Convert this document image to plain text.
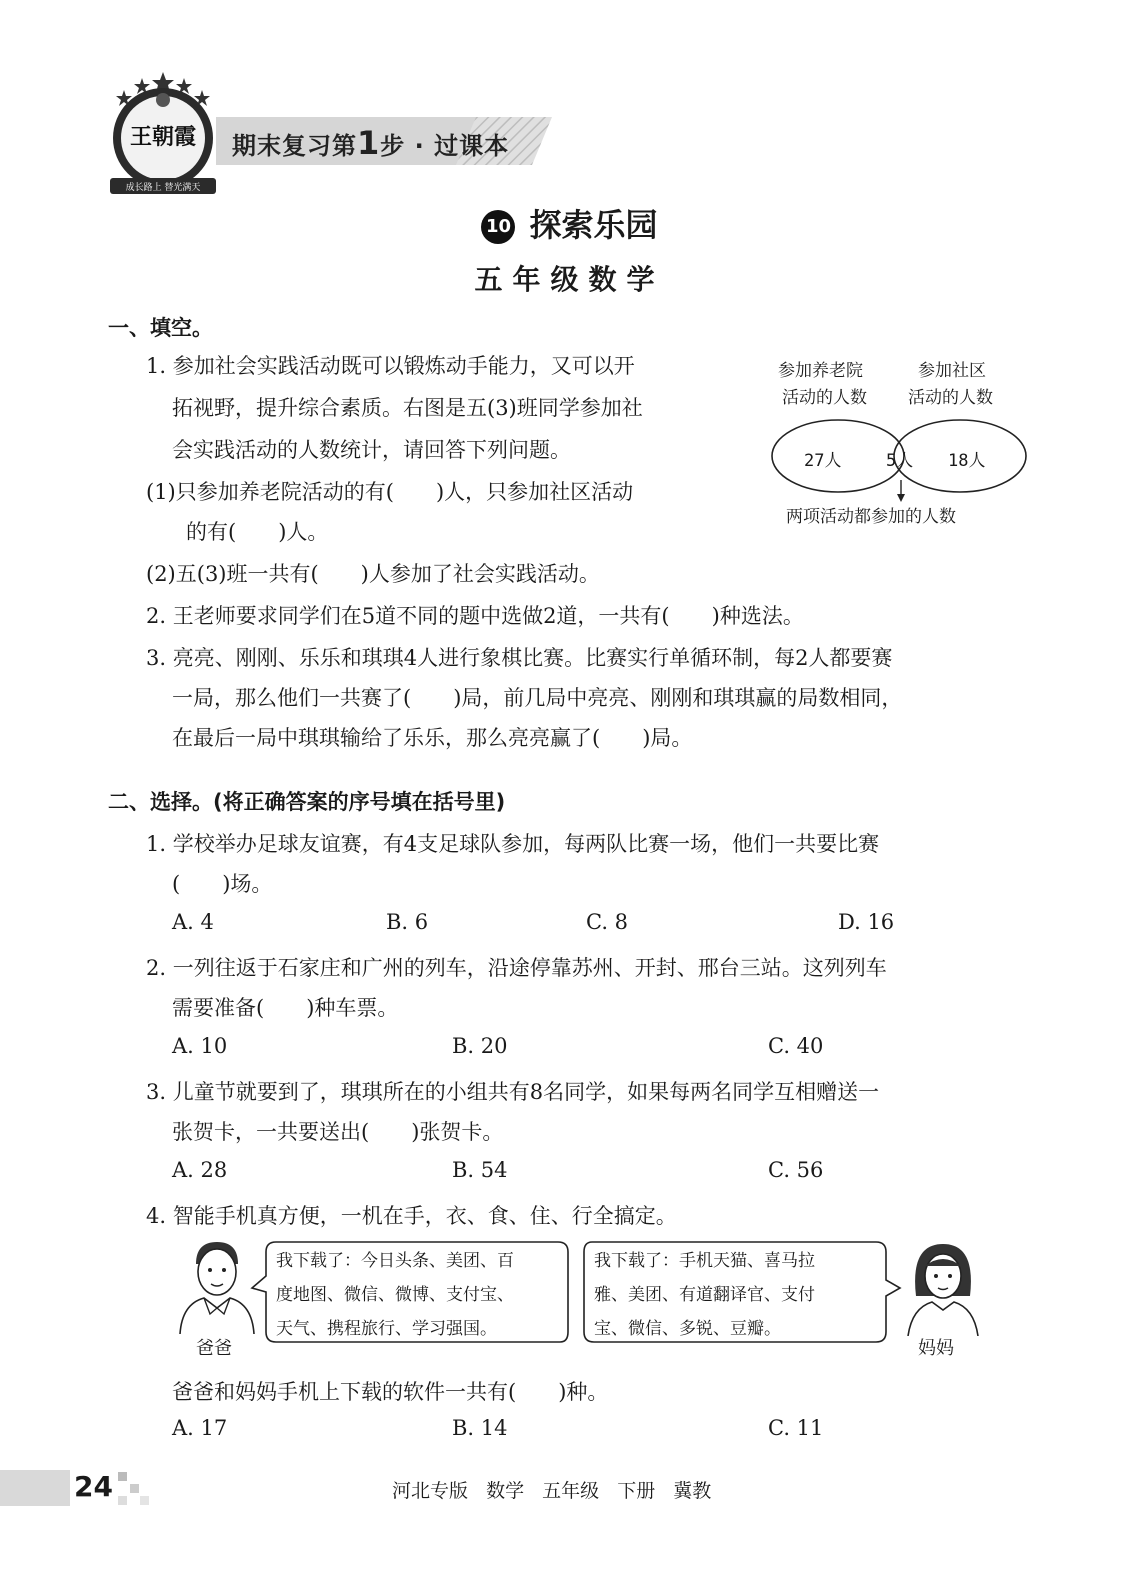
王朝霞
成长路上 替光满天
期末复习第1步 · 过课本
10 探索乐园
五年级数学
一、填空。
1. 参加社会实践活动既可以锻炼动手能力，又可以开
拓视野，提升综合素质。右图是五(3)班同学参加社
会实践活动的人数统计，请回答下列问题。
(1)只参加养老院活动的有(　　)人，只参加社区活动
的有(　　)人。
(2)五(3)班一共有(　　)人参加了社会实践活动。
参加养老院
活动的人数
参加社区
活动的人数
27人	5人 18人
两项活动都参加的人数
2. 王老师要求同学们在5道不同的题中选做2道，一共有(　　)种选法。
3. 亮亮、刚刚、乐乐和琪琪4人进行象棋比赛。比赛实行单循环制，每2人都要赛
一局，那么他们一共赛了(　　)局，前几局中亮亮、刚刚和琪琪赢的局数相同，
在最后一局中琪琪输给了乐乐，那么亮亮赢了(　　)局。
二、选择。(将正确答案的序号填在括号里)
1. 学校举办足球友谊赛，有4支足球队参加，每两队比赛一场，他们一共要比赛
(　　)场。
A. 4	B. 6	C. 8	D. 16
2. 一列往返于石家庄和广州的列车，沿途停靠苏州、开封、邢台三站。这列列车
需要准备(　　)种车票。
A. 10	B. 20	C. 40
3. 儿童节就要到了，琪琪所在的小组共有8名同学，如果每两名同学互相赠送一
张贺卡，一共要送出(　　)张贺卡。
A. 28	B. 54	C. 56
4. 智能手机真方便，一机在手，衣、食、住、行全搞定。
爸爸
我下载了：今日头条、美团、百
度地图、微信、微博、支付宝、
天气、携程旅行、学习强国。
我下载了：手机天猫、喜马拉
雅、美团、有道翻译官、支付
宝、微信、多锐、豆瓣。
妈妈
爸爸和妈妈手机上下载的软件一共有(　　)种。
A. 17	B. 14	C. 11
24	河北专版 数学 五年级 下册 冀教
